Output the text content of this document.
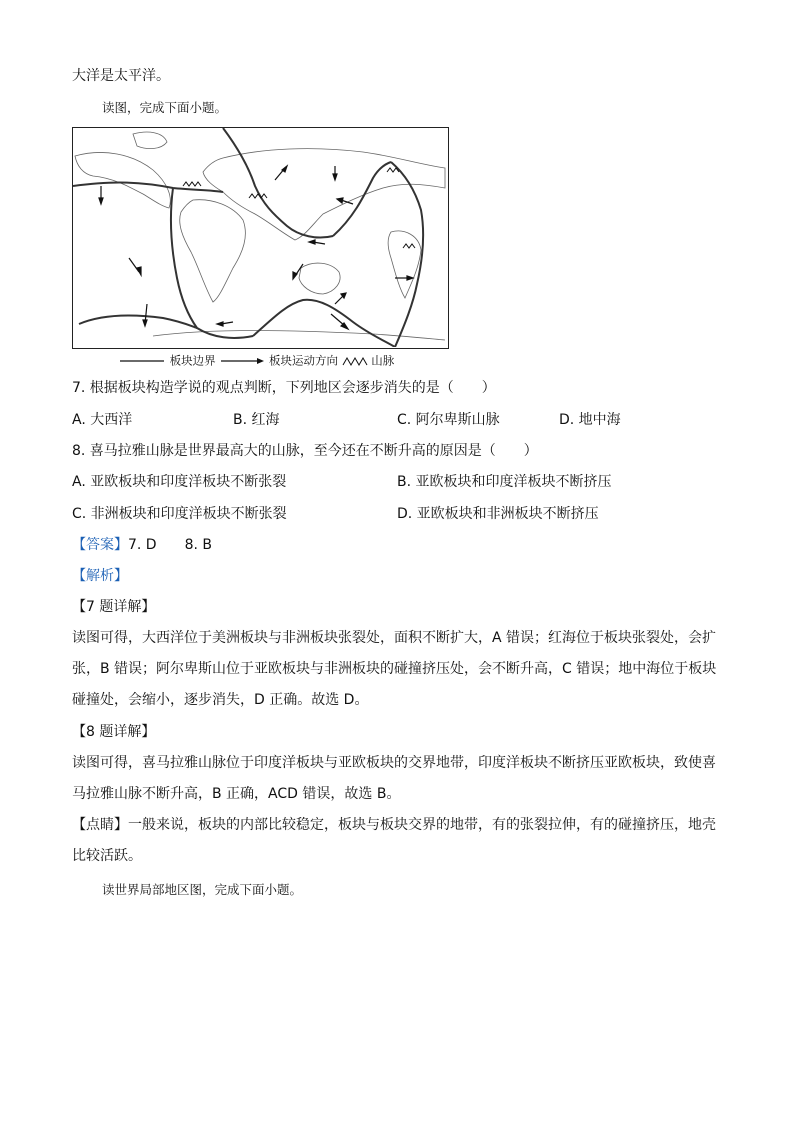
大洋是太平洋。
读图，完成下面小题。
板块边界	板块运动方向	山脉
7. 根据板块构造学说的观点判断，下列地区会逐步消失的是（　　）
A. 大西洋	B. 红海	C. 阿尔卑斯山脉	D. 地中海
8. 喜马拉雅山脉是世界最高大的山脉，至今还在不断升高的原因是（　　）
A. 亚欧板块和印度洋板块不断张裂	B. 亚欧板块和印度洋板块不断挤压
C. 非洲板块和印度洋板块不断张裂	D. 亚欧板块和非洲板块不断挤压
【答案】7. D　　8. B
【解析】
【7 题详解】
读图可得，大西洋位于美洲板块与非洲板块张裂处，面积不断扩大，A 错误；红海位于板块张裂处，会扩
张，B 错误；阿尔卑斯山位于亚欧板块与非洲板块的碰撞挤压处，会不断升高，C 错误；地中海位于板块
碰撞处，会缩小，逐步消失，D 正确。故选 D。
【8 题详解】
读图可得，喜马拉雅山脉位于印度洋板块与亚欧板块的交界地带，印度洋板块不断挤压亚欧板块，致使喜
马拉雅山脉不断升高，B 正确，ACD 错误，故选 B。
【点睛】一般来说，板块的内部比较稳定，板块与板块交界的地带，有的张裂拉伸，有的碰撞挤压，地壳
比较活跃。
读世界局部地区图，完成下面小题。
